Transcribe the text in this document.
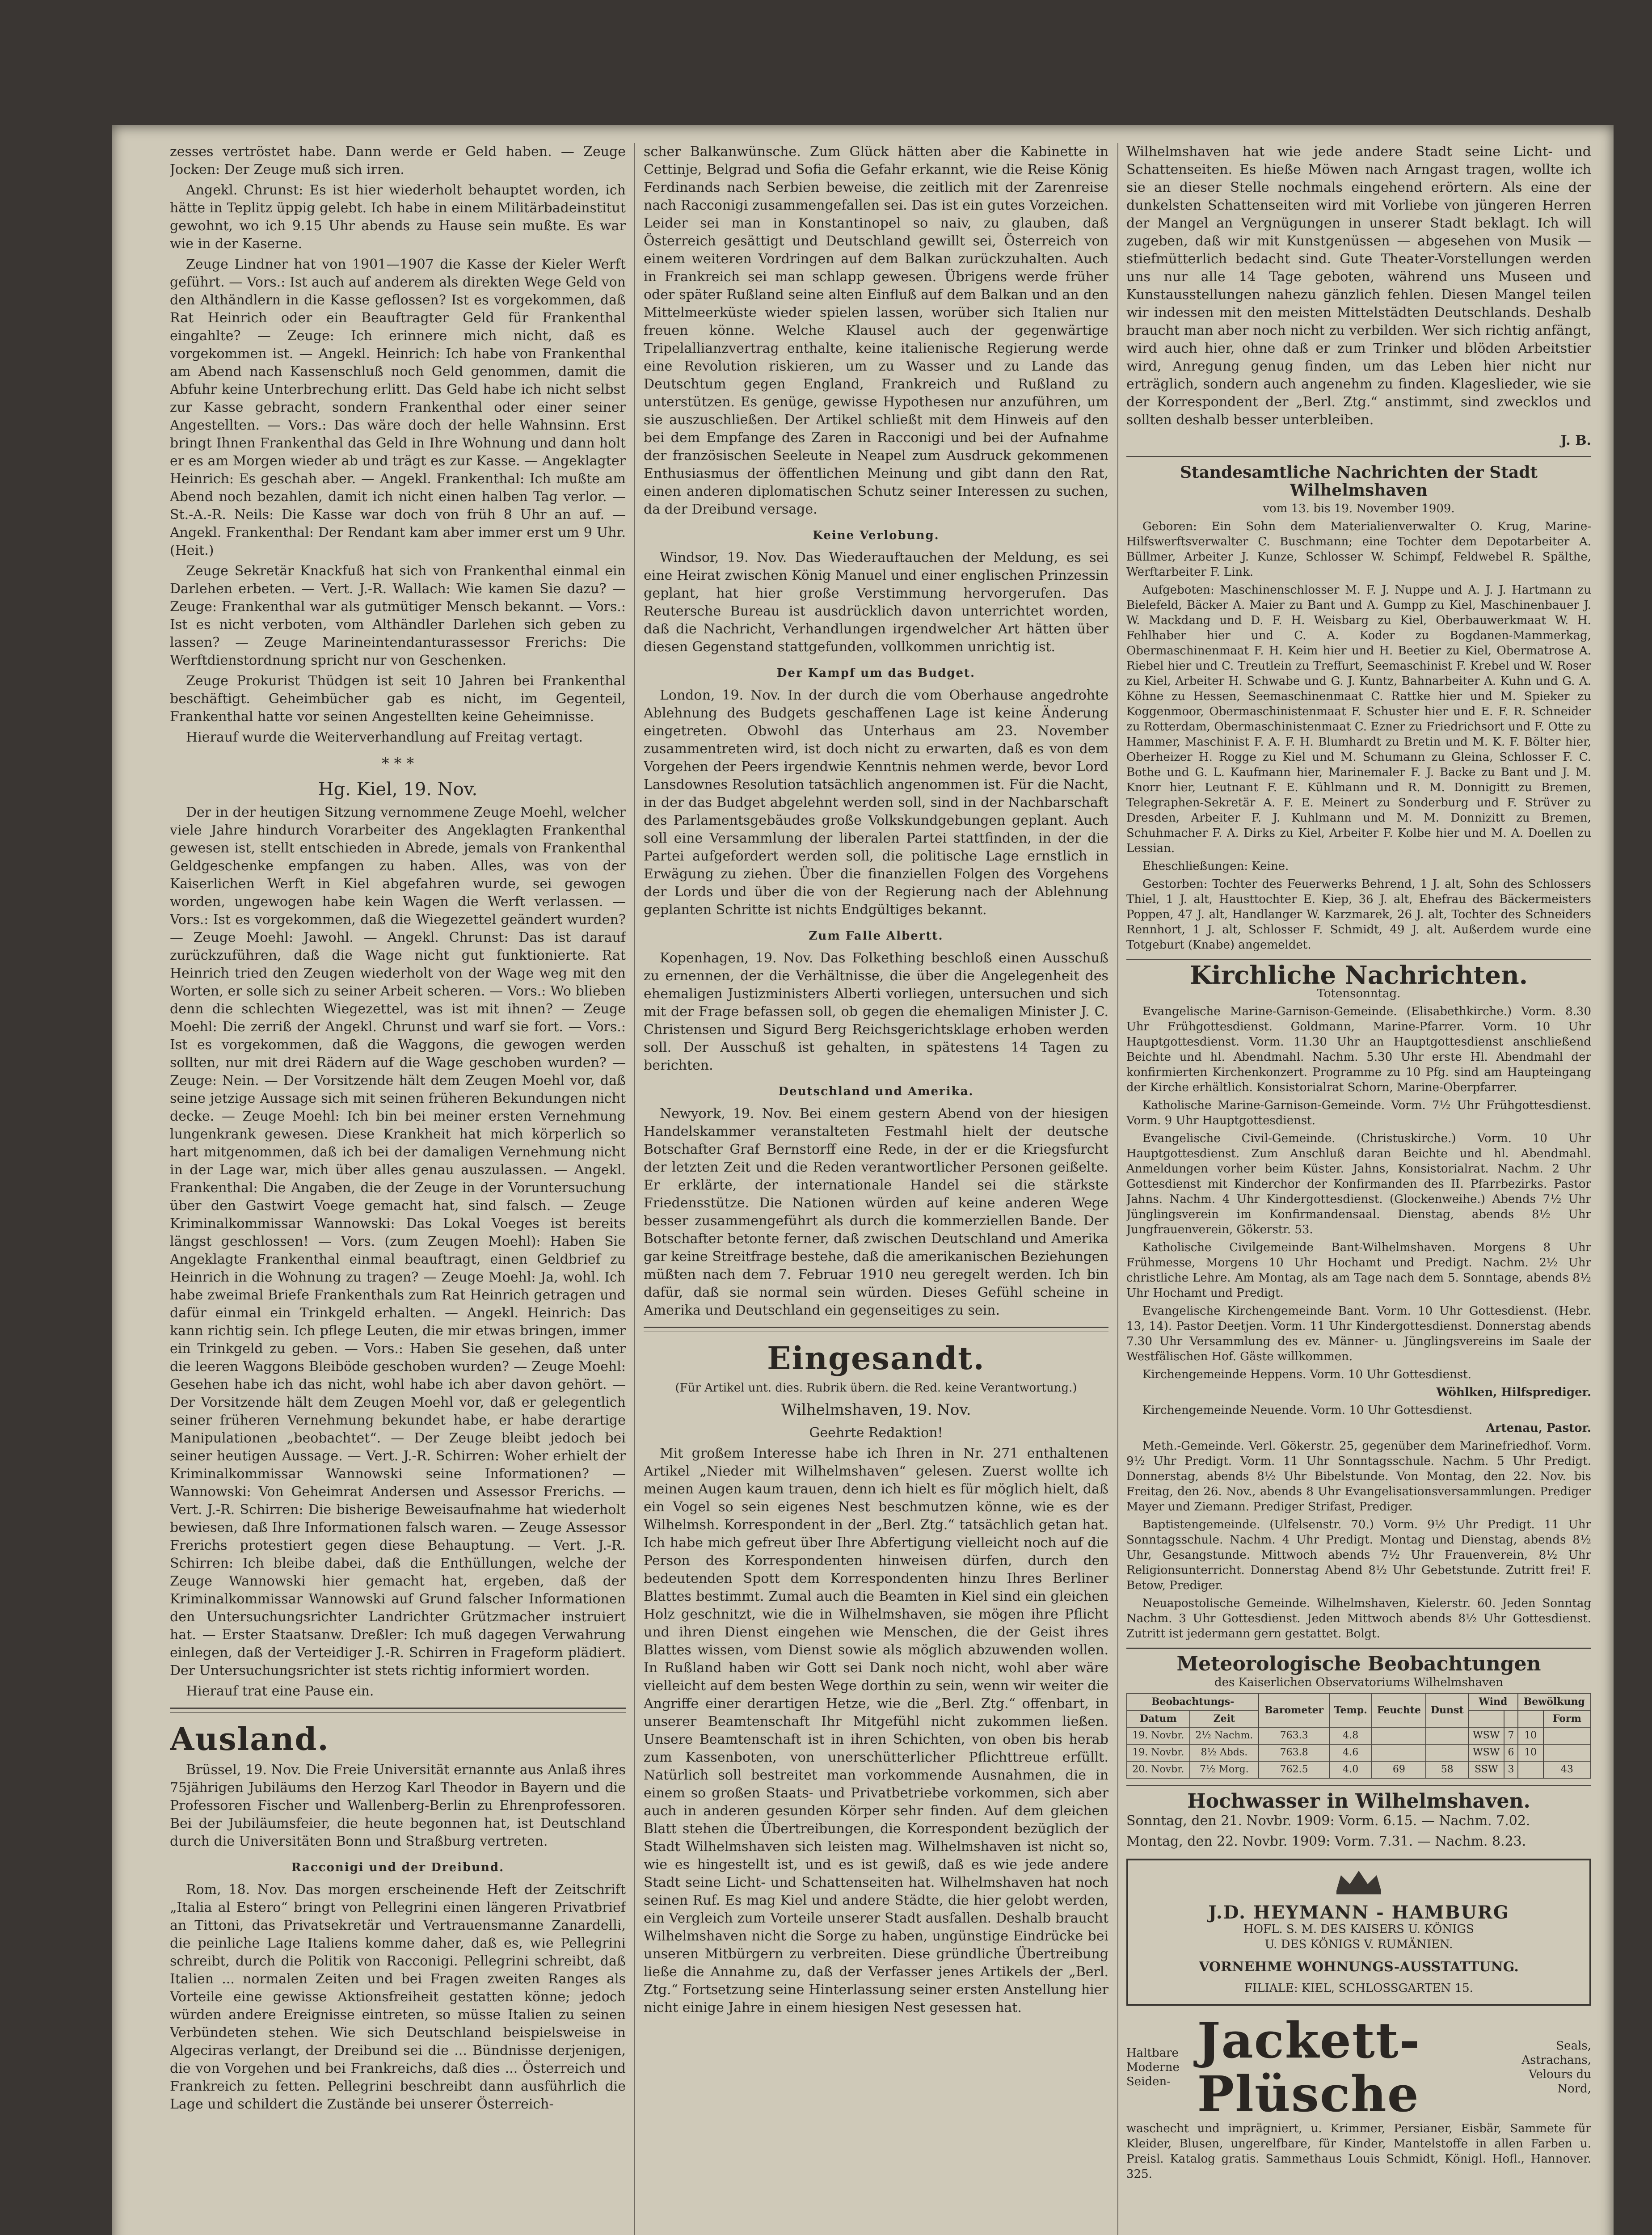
zesses vertröstet habe. Dann werde er Geld haben. — Zeuge Jocken: Der Zeuge muß sich irren.

Angekl. Chrunst: Es ist hier wiederholt behauptet worden, ich hätte in Teplitz üppig gelebt. Ich habe in einem Militärbadeinstitut gewohnt, wo ich 9.15 Uhr abends zu Hause sein mußte. Es war wie in der Kaserne.

Zeuge Lindner hat von 1901—1907 die Kasse der Kieler Werft geführt. — Vors.: Ist auch auf anderem als direkten Wege Geld von den Althändlern in die Kasse geflossen? Ist es vorgekommen, daß Rat Heinrich oder ein Beauftragter Geld für Frankenthal eingahlte? — Zeuge: Ich erinnere mich nicht, daß es vorgekommen ist. — Angekl. Heinrich: Ich habe von Frankenthal am Abend nach Kassenschluß noch Geld genommen, damit die Abfuhr keine Unterbrechung erlitt. Das Geld habe ich nicht selbst zur Kasse gebracht, sondern Frankenthal oder einer seiner Angestellten. — Vors.: Das wäre doch der helle Wahnsinn. Erst bringt Ihnen Frankenthal das Geld in Ihre Wohnung und dann holt er es am Morgen wieder ab und trägt es zur Kasse. — Angeklagter Heinrich: Es geschah aber. — Angekl. Frankenthal: Ich mußte am Abend noch bezahlen, damit ich nicht einen halben Tag verlor. — St.-A.-R. Neils: Die Kasse war doch von früh 8 Uhr an auf. — Angekl. Frankenthal: Der Rendant kam aber immer erst um 9 Uhr. (Heit.)

Zeuge Sekretär Knackfuß hat sich von Frankenthal einmal ein Darlehen erbeten. — Vert. J.-R. Wallach: Wie kamen Sie dazu? — Zeuge: Frankenthal war als gutmütiger Mensch bekannt. — Vors.: Ist es nicht verboten, vom Althändler Darlehen sich geben zu lassen? — Zeuge Marineintendanturassessor Frerichs: Die Werftdienstordnung spricht nur von Geschenken.

Zeuge Prokurist Thüdgen ist seit 10 Jahren bei Frankenthal beschäftigt. Geheimbücher gab es nicht, im Gegenteil, Frankenthal hatte vor seinen Angestellten keine Geheimnisse.

Hierauf wurde die Weiterverhandlung auf Freitag vertagt.

* * *
Hg. Kiel, 19. Nov.

Der in der heutigen Sitzung vernommene Zeuge Moehl, welcher viele Jahre hindurch Vorarbeiter des Angeklagten Frankenthal gewesen ist, stellt entschieden in Abrede, jemals von Frankenthal Geldgeschenke empfangen zu haben. Alles, was von der Kaiserlichen Werft in Kiel abgefahren wurde, sei gewogen worden, ungewogen habe kein Wagen die Werft verlassen. — Vors.: Ist es vorgekommen, daß die Wiegezettel geändert wurden? — Zeuge Moehl: Jawohl. — Angekl. Chrunst: Das ist darauf zurückzuführen, daß die Wage nicht gut funktionierte. Rat Heinrich tried den Zeugen wiederholt von der Wage weg mit den Worten, er solle sich zu seiner Arbeit scheren. — Vors.: Wo blieben denn die schlechten Wiegezettel, was ist mit ihnen? — Zeuge Moehl: Die zerriß der Angekl. Chrunst und warf sie fort. — Vors.: Ist es vorgekommen, daß die Waggons, die gewogen werden sollten, nur mit drei Rädern auf die Wage geschoben wurden? — Zeuge: Nein. — Der Vorsitzende hält dem Zeugen Moehl vor, daß seine jetzige Aussage sich mit seinen früheren Bekundungen nicht decke. — Zeuge Moehl: Ich bin bei meiner ersten Vernehmung lungenkrank gewesen. Diese Krankheit hat mich körperlich so hart mitgenommen, daß ich bei der damaligen Vernehmung nicht in der Lage war, mich über alles genau auszulassen. — Angekl. Frankenthal: Die Angaben, die der Zeuge in der Voruntersuchung über den Gastwirt Voege gemacht hat, sind falsch. — Zeuge Kriminalkommissar Wannowski: Das Lokal Voeges ist bereits längst geschlossen! — Vors. (zum Zeugen Moehl): Haben Sie Angeklagte Frankenthal einmal beauftragt, einen Geldbrief zu Heinrich in die Wohnung zu tragen? — Zeuge Moehl: Ja, wohl. Ich habe zweimal Briefe Frankenthals zum Rat Heinrich getragen und dafür einmal ein Trinkgeld erhalten. — Angekl. Heinrich: Das kann richtig sein. Ich pflege Leuten, die mir etwas bringen, immer ein Trinkgeld zu geben. — Vors.: Haben Sie gesehen, daß unter die leeren Waggons Bleiböde geschoben wurden? — Zeuge Moehl: Gesehen habe ich das nicht, wohl habe ich aber davon gehört. — Der Vorsitzende hält dem Zeugen Moehl vor, daß er gelegentlich seiner früheren Vernehmung bekundet habe, er habe derartige Manipulationen „beobachtet“. — Der Zeuge bleibt jedoch bei seiner heutigen Aussage. — Vert. J.-R. Schirren: Woher erhielt der Kriminalkommissar Wannowski seine Informationen? — Wannowski: Von Geheimrat Andersen und Assessor Frerichs. — Vert. J.-R. Schirren: Die bisherige Beweisaufnahme hat wiederholt bewiesen, daß Ihre Informationen falsch waren. — Zeuge Assessor Frerichs protestiert gegen diese Behauptung. — Vert. J.-R. Schirren: Ich bleibe dabei, daß die Enthüllungen, welche der Zeuge Wannowski hier gemacht hat, ergeben, daß der Kriminalkommissar Wannowski auf Grund falscher Informationen den Untersuchungsrichter Landrichter Grützmacher instruiert hat. — Erster Staatsanw. Dreßler: Ich muß dagegen Verwahrung einlegen, daß der Verteidiger J.-R. Schirren in Frageform plädiert. Der Untersuchungsrichter ist stets richtig informiert worden.

Hierauf trat eine Pause ein.

Ausland.

Brüssel, 19. Nov. Die Freie Universität ernannte aus Anlaß ihres 75jährigen Jubiläums den Herzog Karl Theodor in Bayern und die Professoren Fischer und Wallenberg-Berlin zu Ehrenprofessoren. Bei der Jubiläumsfeier, die heute begonnen hat, ist Deutschland durch die Universitäten Bonn und Straßburg vertreten.

Racconigi und der Dreibund.

Rom, 18. Nov. Das morgen erscheinende Heft der Zeitschrift „Italia al Estero“ bringt von Pellegrini einen längeren Privatbrief an Tittoni, das Privatsekretär und Vertrauensmanne Zanardelli, die peinliche Lage Italiens komme daher, daß es, wie Pellegrini schreibt, durch die Politik von Racconigi. Pellegrini schreibt, daß Italien ... normalen Zeiten und bei Fragen zweiten Ranges als Vorteile eine gewisse Aktionsfreiheit gestatten könne; jedoch würden andere Ereignisse eintreten, so müsse Italien zu seinen Verbündeten stehen. Wie sich Deutschland beispielsweise in Algeciras verlangt, der Dreibund sei die ... Bündnisse derjenigen, die von Vorgehen und bei Frankreichs, daß dies ... Österreich und Frankreich zu fetten. Pellegrini beschreibt dann ausführlich die Lage und schildert die Zustände bei unserer Österreich-

scher Balkanwünsche. Zum Glück hätten aber die Kabinette in Cettinje, Belgrad und Sofia die Gefahr erkannt, wie die Reise König Ferdinands nach Serbien beweise, die zeitlich mit der Zarenreise nach Racconigi zusammengefallen sei. Das ist ein gutes Vorzeichen. Leider sei man in Konstantinopel so naiv, zu glauben, daß Österreich gesättigt und Deutschland gewillt sei, Österreich von einem weiteren Vordringen auf dem Balkan zurückzuhalten. Auch in Frankreich sei man schlapp gewesen. Übrigens werde früher oder später Rußland seine alten Einfluß auf dem Balkan und an den Mittelmeerküste wieder spielen lassen, worüber sich Italien nur freuen könne. Welche Klausel auch der gegenwärtige Tripelallianzvertrag enthalte, keine italienische Regierung werde eine Revolution riskieren, um zu Wasser und zu Lande das Deutschtum gegen England, Frankreich und Rußland zu unterstützen. Es genüge, gewisse Hypothesen nur anzuführen, um sie auszuschließen. Der Artikel schließt mit dem Hinweis auf den bei dem Empfange des Zaren in Racconigi und bei der Aufnahme der französischen Seeleute in Neapel zum Ausdruck gekommenen Enthusiasmus der öffentlichen Meinung und gibt dann den Rat, einen anderen diplomatischen Schutz seiner Interessen zu suchen, da der Dreibund versage.

Keine Verlobung.

Windsor, 19. Nov. Das Wiederauftauchen der Meldung, es sei eine Heirat zwischen König Manuel und einer englischen Prinzessin geplant, hat hier große Verstimmung hervorgerufen. Das Reutersche Bureau ist ausdrücklich davon unterrichtet worden, daß die Nachricht, Verhandlungen irgendwelcher Art hätten über diesen Gegenstand stattgefunden, vollkommen unrichtig ist.

Der Kampf um das Budget.

London, 19. Nov. In der durch die vom Oberhause angedrohte Ablehnung des Budgets geschaffenen Lage ist keine Änderung eingetreten. Obwohl das Unterhaus am 23. November zusammentreten wird, ist doch nicht zu erwarten, daß es von dem Vorgehen der Peers irgendwie Kenntnis nehmen werde, bevor Lord Lansdownes Resolution tatsächlich angenommen ist. Für die Nacht, in der das Budget abgelehnt werden soll, sind in der Nachbarschaft des Parlamentsgebäudes große Volkskundgebungen geplant. Auch soll eine Versammlung der liberalen Partei stattfinden, in der die Partei aufgefordert werden soll, die politische Lage ernstlich in Erwägung zu ziehen. Über die finanziellen Folgen des Vorgehens der Lords und über die von der Regierung nach der Ablehnung geplanten Schritte ist nichts Endgültiges bekannt.

Zum Falle Albertt.

Kopenhagen, 19. Nov. Das Folkething beschloß einen Ausschuß zu ernennen, der die Verhältnisse, die über die Angelegenheit des ehemaligen Justizministers Alberti vorliegen, untersuchen und sich mit der Frage befassen soll, ob gegen die ehemaligen Minister J. C. Christensen und Sigurd Berg Reichsgerichtsklage erhoben werden soll. Der Ausschuß ist gehalten, in spätestens 14 Tagen zu berichten.

Deutschland und Amerika.

Newyork, 19. Nov. Bei einem gestern Abend von der hiesigen Handelskammer veranstalteten Festmahl hielt der deutsche Botschafter Graf Bernstorff eine Rede, in der er die Kriegsfurcht der letzten Zeit und die Reden verantwortlicher Personen geißelte. Er erklärte, der internationale Handel sei die stärkste Friedensstütze. Die Nationen würden auf keine anderen Wege besser zusammengeführt als durch die kommerziellen Bande. Der Botschafter betonte ferner, daß zwischen Deutschland und Amerika gar keine Streitfrage bestehe, daß die amerikanischen Beziehungen müßten nach dem 7. Februar 1910 neu geregelt werden. Ich bin dafür, daß sie normal sein würden. Dieses Gefühl scheine in Amerika und Deutschland ein gegenseitiges zu sein.

Eingesandt.

(Für Artikel unt. dies. Rubrik übern. die Red. keine Verantwortung.)

Wilhelmshaven, 19. Nov.

Geehrte Redaktion!

Mit großem Interesse habe ich Ihren in Nr. 271 enthaltenen Artikel „Nieder mit Wilhelmshaven“ gelesen. Zuerst wollte ich meinen Augen kaum trauen, denn ich hielt es für möglich hielt, daß ein Vogel so sein eigenes Nest beschmutzen könne, wie es der Wilhelmsh. Korrespondent in der „Berl. Ztg.“ tatsächlich getan hat. Ich habe mich gefreut über Ihre Abfertigung vielleicht noch auf die Person des Korrespondenten hinweisen dürfen, durch den bedeutenden Spott dem Korrespondenten hinzu Ihres Berliner Blattes bestimmt. Zumal auch die Beamten in Kiel sind ein gleichen Holz geschnitzt, wie die in Wilhelmshaven, sie mögen ihre Pflicht und ihren Dienst eingehen wie Menschen, die der Geist ihres Blattes wissen, vom Dienst sowie als möglich abzuwenden wollen. In Rußland haben wir Gott sei Dank noch nicht, wohl aber wäre vielleicht auf dem besten Wege dorthin zu sein, wenn wir weiter die Angriffe einer derartigen Hetze, wie die „Berl. Ztg.“ offenbart, in unserer Beamtenschaft Ihr Mitgefühl nicht zukommen ließen. Unsere Beamtenschaft ist in ihren Schichten, von oben bis herab zum Kassenboten, von unerschütterlicher Pflichttreue erfüllt. Natürlich soll bestreitet man vorkommende Ausnahmen, die in einem so großen Staats- und Privatbetriebe vorkommen, sich aber auch in anderen gesunden Körper sehr finden. Auf dem gleichen Blatt stehen die Übertreibungen, die Korrespondent bezüglich der Stadt Wilhelmshaven sich leisten mag. Wilhelmshaven ist nicht so, wie es hingestellt ist, und es ist gewiß, daß es wie jede andere Stadt seine Licht- und Schattenseiten hat. Wilhelmshaven hat noch seinen Ruf. Es mag Kiel und andere Städte, die hier gelobt werden, ein Vergleich zum Vorteile unserer Stadt ausfallen. Deshalb braucht Wilhelmshaven nicht die Sorge zu haben, ungünstige Eindrücke bei unseren Mitbürgern zu verbreiten. Diese gründliche Übertreibung ließe die Annahme zu, daß der Verfasser jenes Artikels der „Berl. Ztg.“ Fortsetzung seine Hinterlassung seiner ersten Anstellung hier nicht einige Jahre in einem hiesigen Nest gesessen hat.

Wilhelmshaven hat wie jede andere Stadt seine Licht- und Schattenseiten. Es hieße Möwen nach Arngast tragen, wollte ich sie an dieser Stelle nochmals eingehend erörtern. Als eine der dunkelsten Schattenseiten wird mit Vorliebe von jüngeren Herren der Mangel an Vergnügungen in unserer Stadt beklagt. Ich will zugeben, daß wir mit Kunstgenüssen — abgesehen von Musik — stiefmütterlich bedacht sind. Gute Theater-Vorstellungen werden uns nur alle 14 Tage geboten, während uns Museen und Kunstausstellungen nahezu gänzlich fehlen. Diesen Mangel teilen wir indessen mit den meisten Mittelstädten Deutschlands. Deshalb braucht man aber noch nicht zu verbilden. Wer sich richtig anfängt, wird auch hier, ohne daß er zum Trinker und blöden Arbeitstier wird, Anregung genug finden, um das Leben hier nicht nur erträglich, sondern auch angenehm zu finden. Klageslieder, wie sie der Korrespondent der „Berl. Ztg.“ anstimmt, sind zwecklos und sollten deshalb besser unterbleiben.

J. B.

Standesamtliche Nachrichten der Stadt Wilhelmshaven

vom 13. bis 19. November 1909.

Geboren: Ein Sohn dem Materialienverwalter O. Krug, Marine-Hilfswerftsverwalter C. Buschmann; eine Tochter dem Depotarbeiter A. Büllmer, Arbeiter J. Kunze, Schlosser W. Schimpf, Feldwebel R. Spälthe, Werftarbeiter F. Link.

Aufgeboten: Maschinenschlosser M. F. J. Nuppe und A. J. J. Hartmann zu Bielefeld, Bäcker A. Maier zu Bant und A. Gumpp zu Kiel, Maschinenbauer J. W. Mackdang und D. F. H. Weisbarg zu Kiel, Oberbauwerkmaat W. H. Fehlhaber hier und C. A. Koder zu Bogdanen-Mammerkag, Obermaschinenmaat F. H. Keim hier und H. Beetier zu Kiel, Obermatrose A. Riebel hier und C. Treutlein zu Treffurt, Seemaschinist F. Krebel und W. Roser zu Kiel, Arbeiter H. Schwabe und G. J. Kuntz, Bahnarbeiter A. Kuhn und G. A. Köhne zu Hessen, Seemaschinenmaat C. Rattke hier und M. Spieker zu Koggenmoor, Obermaschinistenmaat F. Schuster hier und E. F. R. Schneider zu Rotterdam, Obermaschinistenmaat C. Ezner zu Friedrichsort und F. Otte zu Hammer, Maschinist F. A. F. H. Blumhardt zu Bretin und M. K. F. Bölter hier, Oberheizer H. Rogge zu Kiel und M. Schumann zu Gleina, Schlosser F. C. Bothe und G. L. Kaufmann hier, Marinemaler F. J. Backe zu Bant und J. M. Knorr hier, Leutnant F. E. Kühlmann und R. M. Donnigitt zu Bremen, Telegraphen-Sekretär A. F. E. Meinert zu Sonderburg und F. Strüver zu Dresden, Arbeiter F. J. Kuhlmann und M. M. Donnizitt zu Bremen, Schuhmacher F. A. Dirks zu Kiel, Arbeiter F. Kolbe hier und M. A. Doellen zu Lessian.

Eheschließungen: Keine.

Gestorben: Tochter des Feuerwerks Behrend, 1 J. alt, Sohn des Schlossers Thiel, 1 J. alt, Hausttochter E. Kiep, 36 J. alt, Ehefrau des Bäckermeisters Poppen, 47 J. alt, Handlanger W. Karzmarek, 26 J. alt, Tochter des Schneiders Rennhort, 1 J. alt, Schlosser F. Schmidt, 49 J. alt. Außerdem wurde eine Totgeburt (Knabe) angemeldet.

Kirchliche Nachrichten.

Totensonntag.

Evangelische Marine-Garnison-Gemeinde. (Elisabethkirche.) Vorm. 8.30 Uhr Frühgottesdienst. Goldmann, Marine-Pfarrer. Vorm. 10 Uhr Hauptgottesdienst. Vorm. 11.30 Uhr an Hauptgottesdienst anschließend Beichte und hl. Abendmahl. Nachm. 5.30 Uhr erste Hl. Abendmahl der konfirmierten Kirchenkonzert. Programme zu 10 Pfg. sind am Haupteingang der Kirche erhältlich. Konsistorialrat Schorn, Marine-Oberpfarrer.

Katholische Marine-Garnison-Gemeinde. Vorm. 7½ Uhr Frühgottesdienst. Vorm. 9 Uhr Hauptgottesdienst.

Evangelische Civil-Gemeinde. (Christuskirche.) Vorm. 10 Uhr Hauptgottesdienst. Zum Anschluß daran Beichte und hl. Abendmahl. Anmeldungen vorher beim Küster. Jahns, Konsistorialrat. Nachm. 2 Uhr Gottesdienst mit Kinderchor der Konfirmanden des II. Pfarrbezirks. Pastor Jahns. Nachm. 4 Uhr Kindergottesdienst. (Glockenweihe.) Abends 7½ Uhr Jünglingsverein im Konfirmandensaal. Dienstag, abends 8½ Uhr Jungfrauenverein, Gökerstr. 53.

Katholische Civilgemeinde Bant-Wilhelmshaven. Morgens 8 Uhr Frühmesse, Morgens 10 Uhr Hochamt und Predigt. Nachm. 2½ Uhr christliche Lehre. Am Montag, als am Tage nach dem 5. Sonntage, abends 8½ Uhr Hochamt und Predigt.

Evangelische Kirchengemeinde Bant. Vorm. 10 Uhr Gottesdienst. (Hebr. 13, 14). Pastor Deetjen. Vorm. 11 Uhr Kindergottesdienst. Donnerstag abends 7.30 Uhr Versammlung des ev. Männer- u. Jünglingsvereins im Saale der Westfälischen Hof. Gäste willkommen.

Kirchengemeinde Heppens. Vorm. 10 Uhr Gottesdienst.

Wöhlken, Hilfsprediger.

Kirchengemeinde Neuende. Vorm. 10 Uhr Gottesdienst.

Artenau, Pastor.

Meth.-Gemeinde. Verl. Gökerstr. 25, gegenüber dem Marinefriedhof. Vorm. 9½ Uhr Predigt. Vorm. 11 Uhr Sonntagsschule. Nachm. 5 Uhr Predigt. Donnerstag, abends 8½ Uhr Bibelstunde. Von Montag, den 22. Nov. bis Freitag, den 26. Nov., abends 8 Uhr Evangelisationsversammlungen. Prediger Mayer und Ziemann. Prediger Strifast, Prediger.

Baptistengemeinde. (Ulfelsenstr. 70.) Vorm. 9½ Uhr Predigt. 11 Uhr Sonntagsschule. Nachm. 4 Uhr Predigt. Montag und Dienstag, abends 8½ Uhr, Gesangstunde. Mittwoch abends 7½ Uhr Frauenverein, 8½ Uhr Religionsunterricht. Donnerstag Abend 8½ Uhr Gebetstunde. Zutritt frei! F. Betow, Prediger.

Neuapostolische Gemeinde. Wilhelmshaven, Kielerstr. 60. Jeden Sonntag Nachm. 3 Uhr Gottesdienst. Jeden Mittwoch abends 8½ Uhr Gottesdienst. Zutritt ist jedermann gern gestattet. Bolgt.

Meteorologische Beobachtungen

des Kaiserlichen Observatoriums Wilhelmshaven

Beobachtungs-		Barometer	Temp.	Feuchte	Dunst	Wind		Bewölkung	
Datum	Zeit								Form
19. Novbr.	2½ Nachm.	763.3	4.8			WSW	7	10	
19. Novbr.	8½ Abds.	763.8	4.6			WSW	6	10	
20. Novbr.	7½ Morg.	762.5	4.0	69	58	SSW	3		43
Hochwasser in Wilhelmshaven.

Sonntag, den 21. Novbr. 1909: Vorm. 6.15. — Nachm. 7.02.

Montag, den 22. Novbr. 1909: Vorm. 7.31. — Nachm. 8.23.

J.D. HEYMANN - HAMBURG
HOFL. S. M. DES KAISERS U. KÖNIGS
U. DES KÖNIGS V. RUMÄNIEN.
VORNEHME WOHNUNGS-AUSSTATTUNG.
FILIALE: KIEL, SCHLOSSGARTEN 15.
Haltbare Moderne Seiden-
Jackett-Plüsche
Seals, Astrachans, Velours du Nord,

waschecht und imprägniert, u. Krimmer, Persianer, Eisbär, Sammete für Kleider, Blusen, ungerelfbare, für Kinder, Mantelstoffe in allen Farben u. Preisl. Katalog gratis. Sammethaus Louis Schmidt, Königl. Hofl., Hannover. 325.
